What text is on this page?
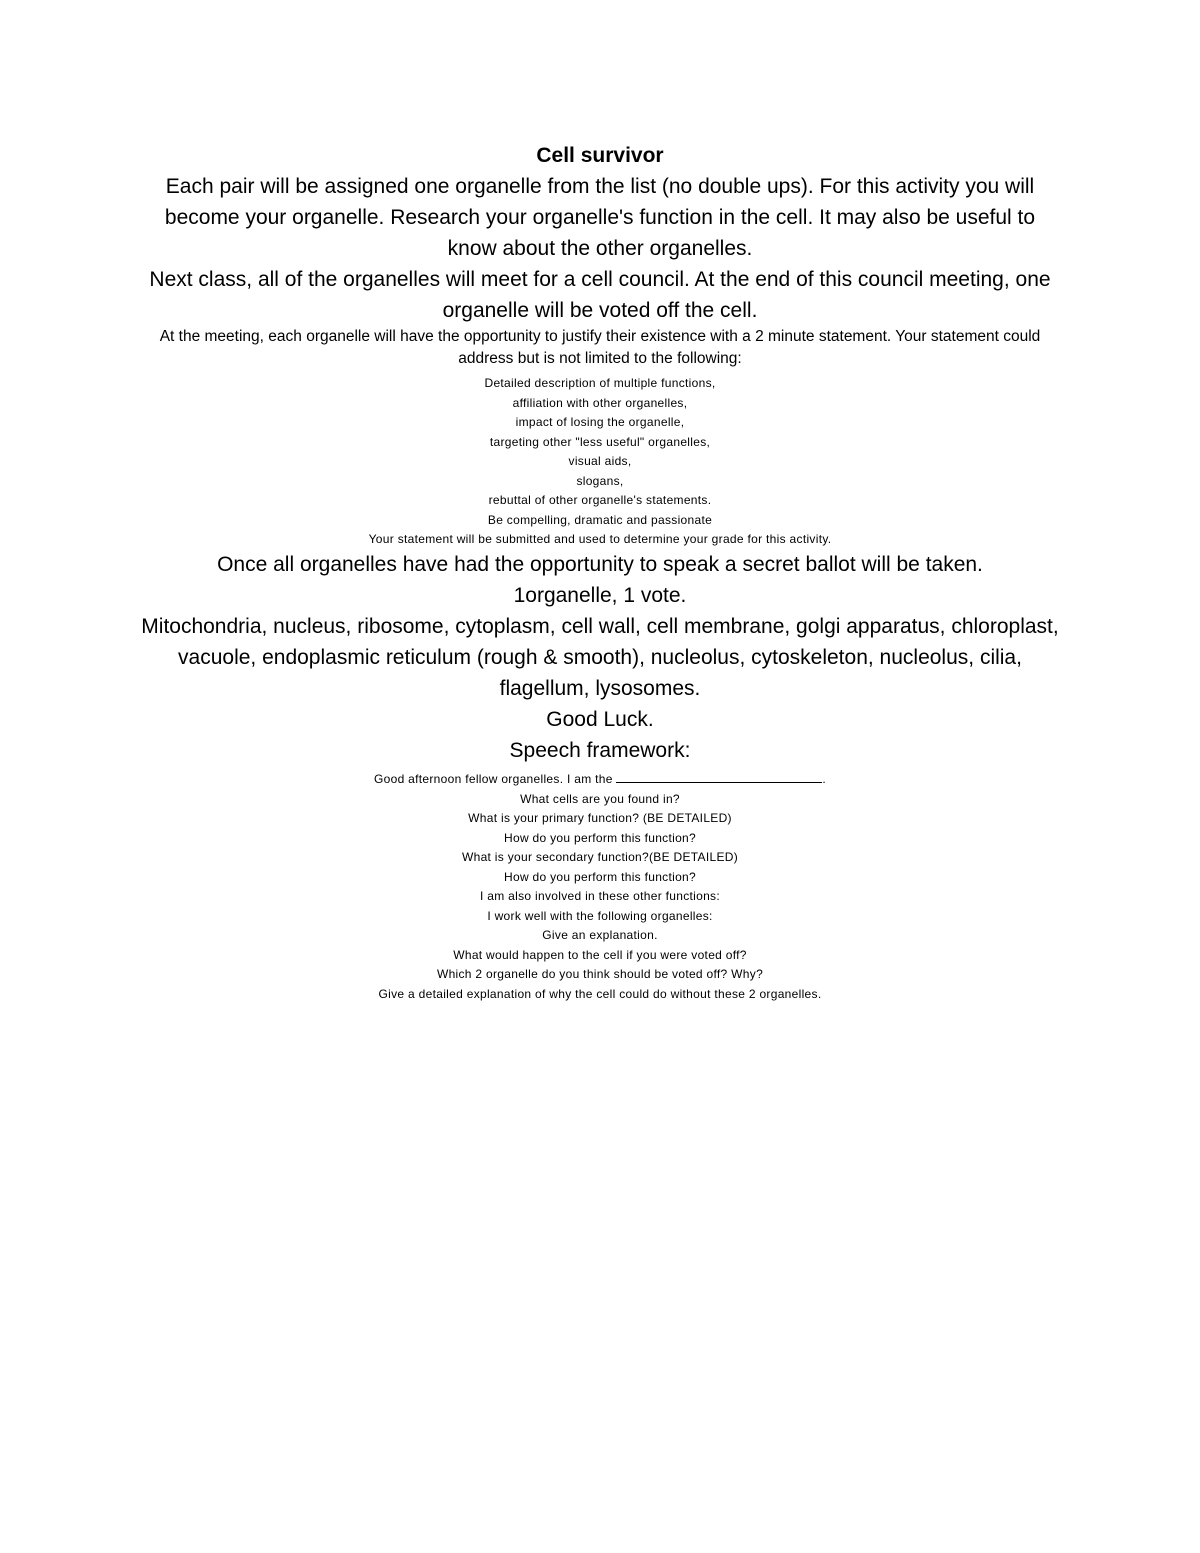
Cell survivor

Each pair will be assigned one organelle from the list (no double ups). For this activity you will become your organelle. Research your organelle's function in the cell. It may also be useful to know about the other organelles.

Next class, all of the organelles will meet for a cell council. At the end of this council meeting, one organelle will be voted off the cell.

At the meeting, each organelle will have the opportunity to justify their existence with a 2 minute statement. Your statement could address but is not limited to the following:

Detailed description of multiple functions,
affiliation with other organelles,
impact of losing the organelle,
targeting other "less useful" organelles,
visual aids,
slogans,
rebuttal of other organelle's statements.
Be compelling, dramatic and passionate

Your statement will be submitted and used to determine your grade for this activity.

Once all organelles have had the opportunity to speak a secret ballot will be taken.

1organelle, 1 vote.

Mitochondria, nucleus, ribosome, cytoplasm, cell wall, cell membrane, golgi apparatus, chloroplast, vacuole, endoplasmic reticulum (rough & smooth), nucleolus, cytoskeleton, nucleolus, cilia, flagellum, lysosomes.

Good Luck.

Speech framework:

Good afternoon fellow organelles. I am the	.
What cells are you found in?
What is your primary function? (BE DETAILED)
How do you perform this function?
What is your secondary function?(BE DETAILED)
How do you perform this function?
I am also involved in these other functions:
I work well with the following organelles:
Give an explanation.
What would happen to the cell if you were voted off?
Which 2 organelle do you think should be voted off? Why?
Give a detailed explanation of why the cell could do without these 2 organelles.
